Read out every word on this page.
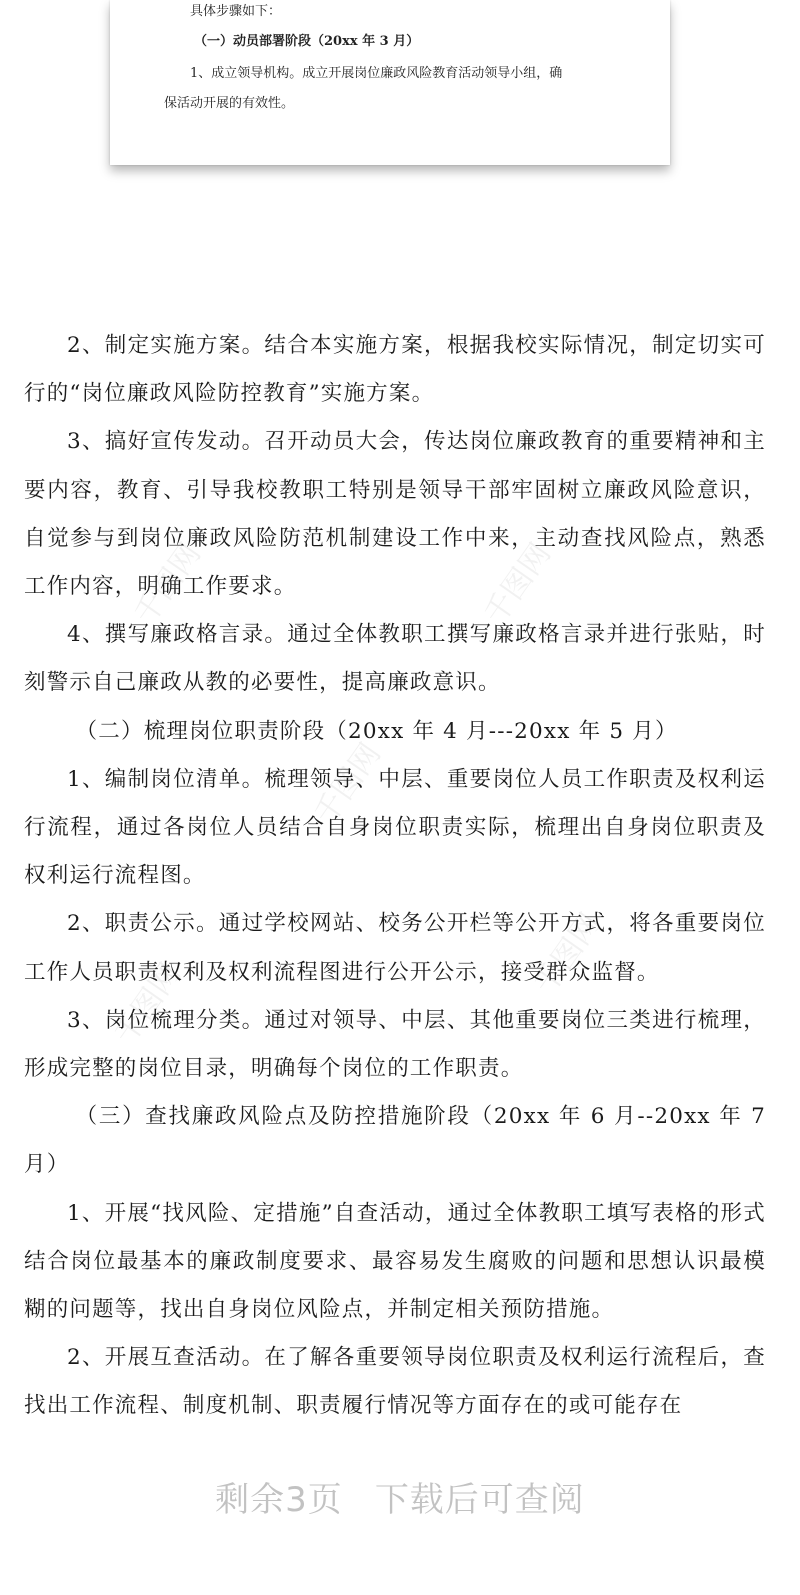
具体步骤如下：
（一）动员部署阶段（20xx 年 3 月）
1、成立领导机构。成立开展岗位廉政风险教育活动领导小组，确
保活动开展的有效性。
千图网	千图网
千图网
千图网
千图网

2、制定实施方案。结合本实施方案，根据我校实际情况，制定切实可行的“岗位廉政风险防控教育”实施方案。

3、搞好宣传发动。召开动员大会，传达岗位廉政教育的重要精神和主要内容，教育、引导我校教职工特别是领导干部牢固树立廉政风险意识，自觉参与到岗位廉政风险防范机制建设工作中来，主动查找风险点，熟悉工作内容，明确工作要求。

4、撰写廉政格言录。通过全体教职工撰写廉政格言录并进行张贴，时刻警示自己廉政从教的必要性，提高廉政意识。

（二）梳理岗位职责阶段（20xx 年 4 月---20xx 年 5 月）

1、编制岗位清单。梳理领导、中层、重要岗位人员工作职责及权利运行流程，通过各岗位人员结合自身岗位职责实际，梳理出自身岗位职责及权利运行流程图。

2、职责公示。通过学校网站、校务公开栏等公开方式，将各重要岗位工作人员职责权利及权利流程图进行公开公示，接受群众监督。

3、岗位梳理分类。通过对领导、中层、其他重要岗位三类进行梳理，形成完整的岗位目录，明确每个岗位的工作职责。

（三）查找廉政风险点及防控措施阶段（20xx 年 6 月--20xx 年 7 月）

1、开展“找风险、定措施”自查活动，通过全体教职工填写表格的形式结合岗位最基本的廉政制度要求、最容易发生腐败的问题和思想认识最模糊的问题等，找出自身岗位风险点，并制定相关预防措施。

2、开展互查活动。在了解各重要领导岗位职责及权利运行流程后，查找出工作流程、制度机制、职责履行情况等方面存在的或可能存在

剩余3页 下载后可查阅
